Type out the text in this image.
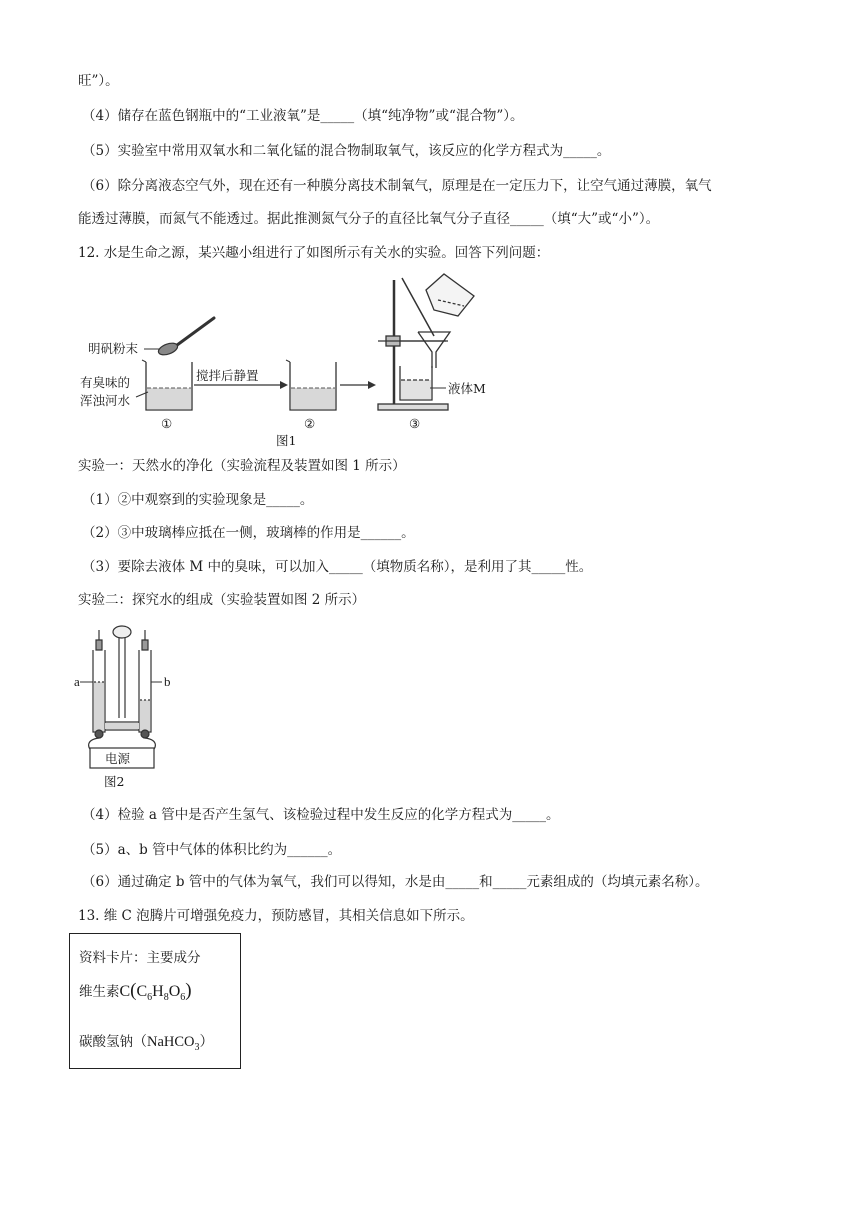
旺”）。
（4）储存在蓝色钢瓶中的“工业液氧”是_____（填“纯净物”或“混合物”）。
（5）实验室中常用双氧水和二氧化锰的混合物制取氧气，该反应的化学方程式为_____。
（6）除分离液态空气外，现在还有一种膜分离技术制氧气，原理是在一定压力下，让空气通过薄膜，氧气
能透过薄膜，而氮气不能透过。据此推测氮气分子的直径比氧气分子直径_____（填“大”或“小”）。
12. 水是生命之源，某兴趣小组进行了如图所示有关水的实验。回答下列问题：
明矾粉末
有臭味的
浑浊河水
①
搅拌后静置
②
液体M
③
图1
实验一：天然水的净化（实验流程及装置如图 1 所示）
（1）②中观察到的实验现象是_____。
（2）③中玻璃棒应抵在一侧，玻璃棒的作用是______。
（3）要除去液体 M 中的臭味，可以加入_____（填物质名称），是利用了其_____性。
实验二：探究水的组成（实验装置如图 2 所示）
a	b
电源
图2
（4）检验 a 管中是否产生氢气、该检验过程中发生反应的化学方程式为_____。
（5）a、b 管中气体的体积比约为______。
（6）通过确定 b 管中的气体为氧气，我们可以得知，水是由_____和_____元素组成的（均填元素名称）。
13. 维 C 泡腾片可增强免疫力，预防感冒，其相关信息如下所示。
资料卡片：主要成分
维生素$C(C_6H_8O_6)$
碳酸氢钠（NaHCO$_3$）
